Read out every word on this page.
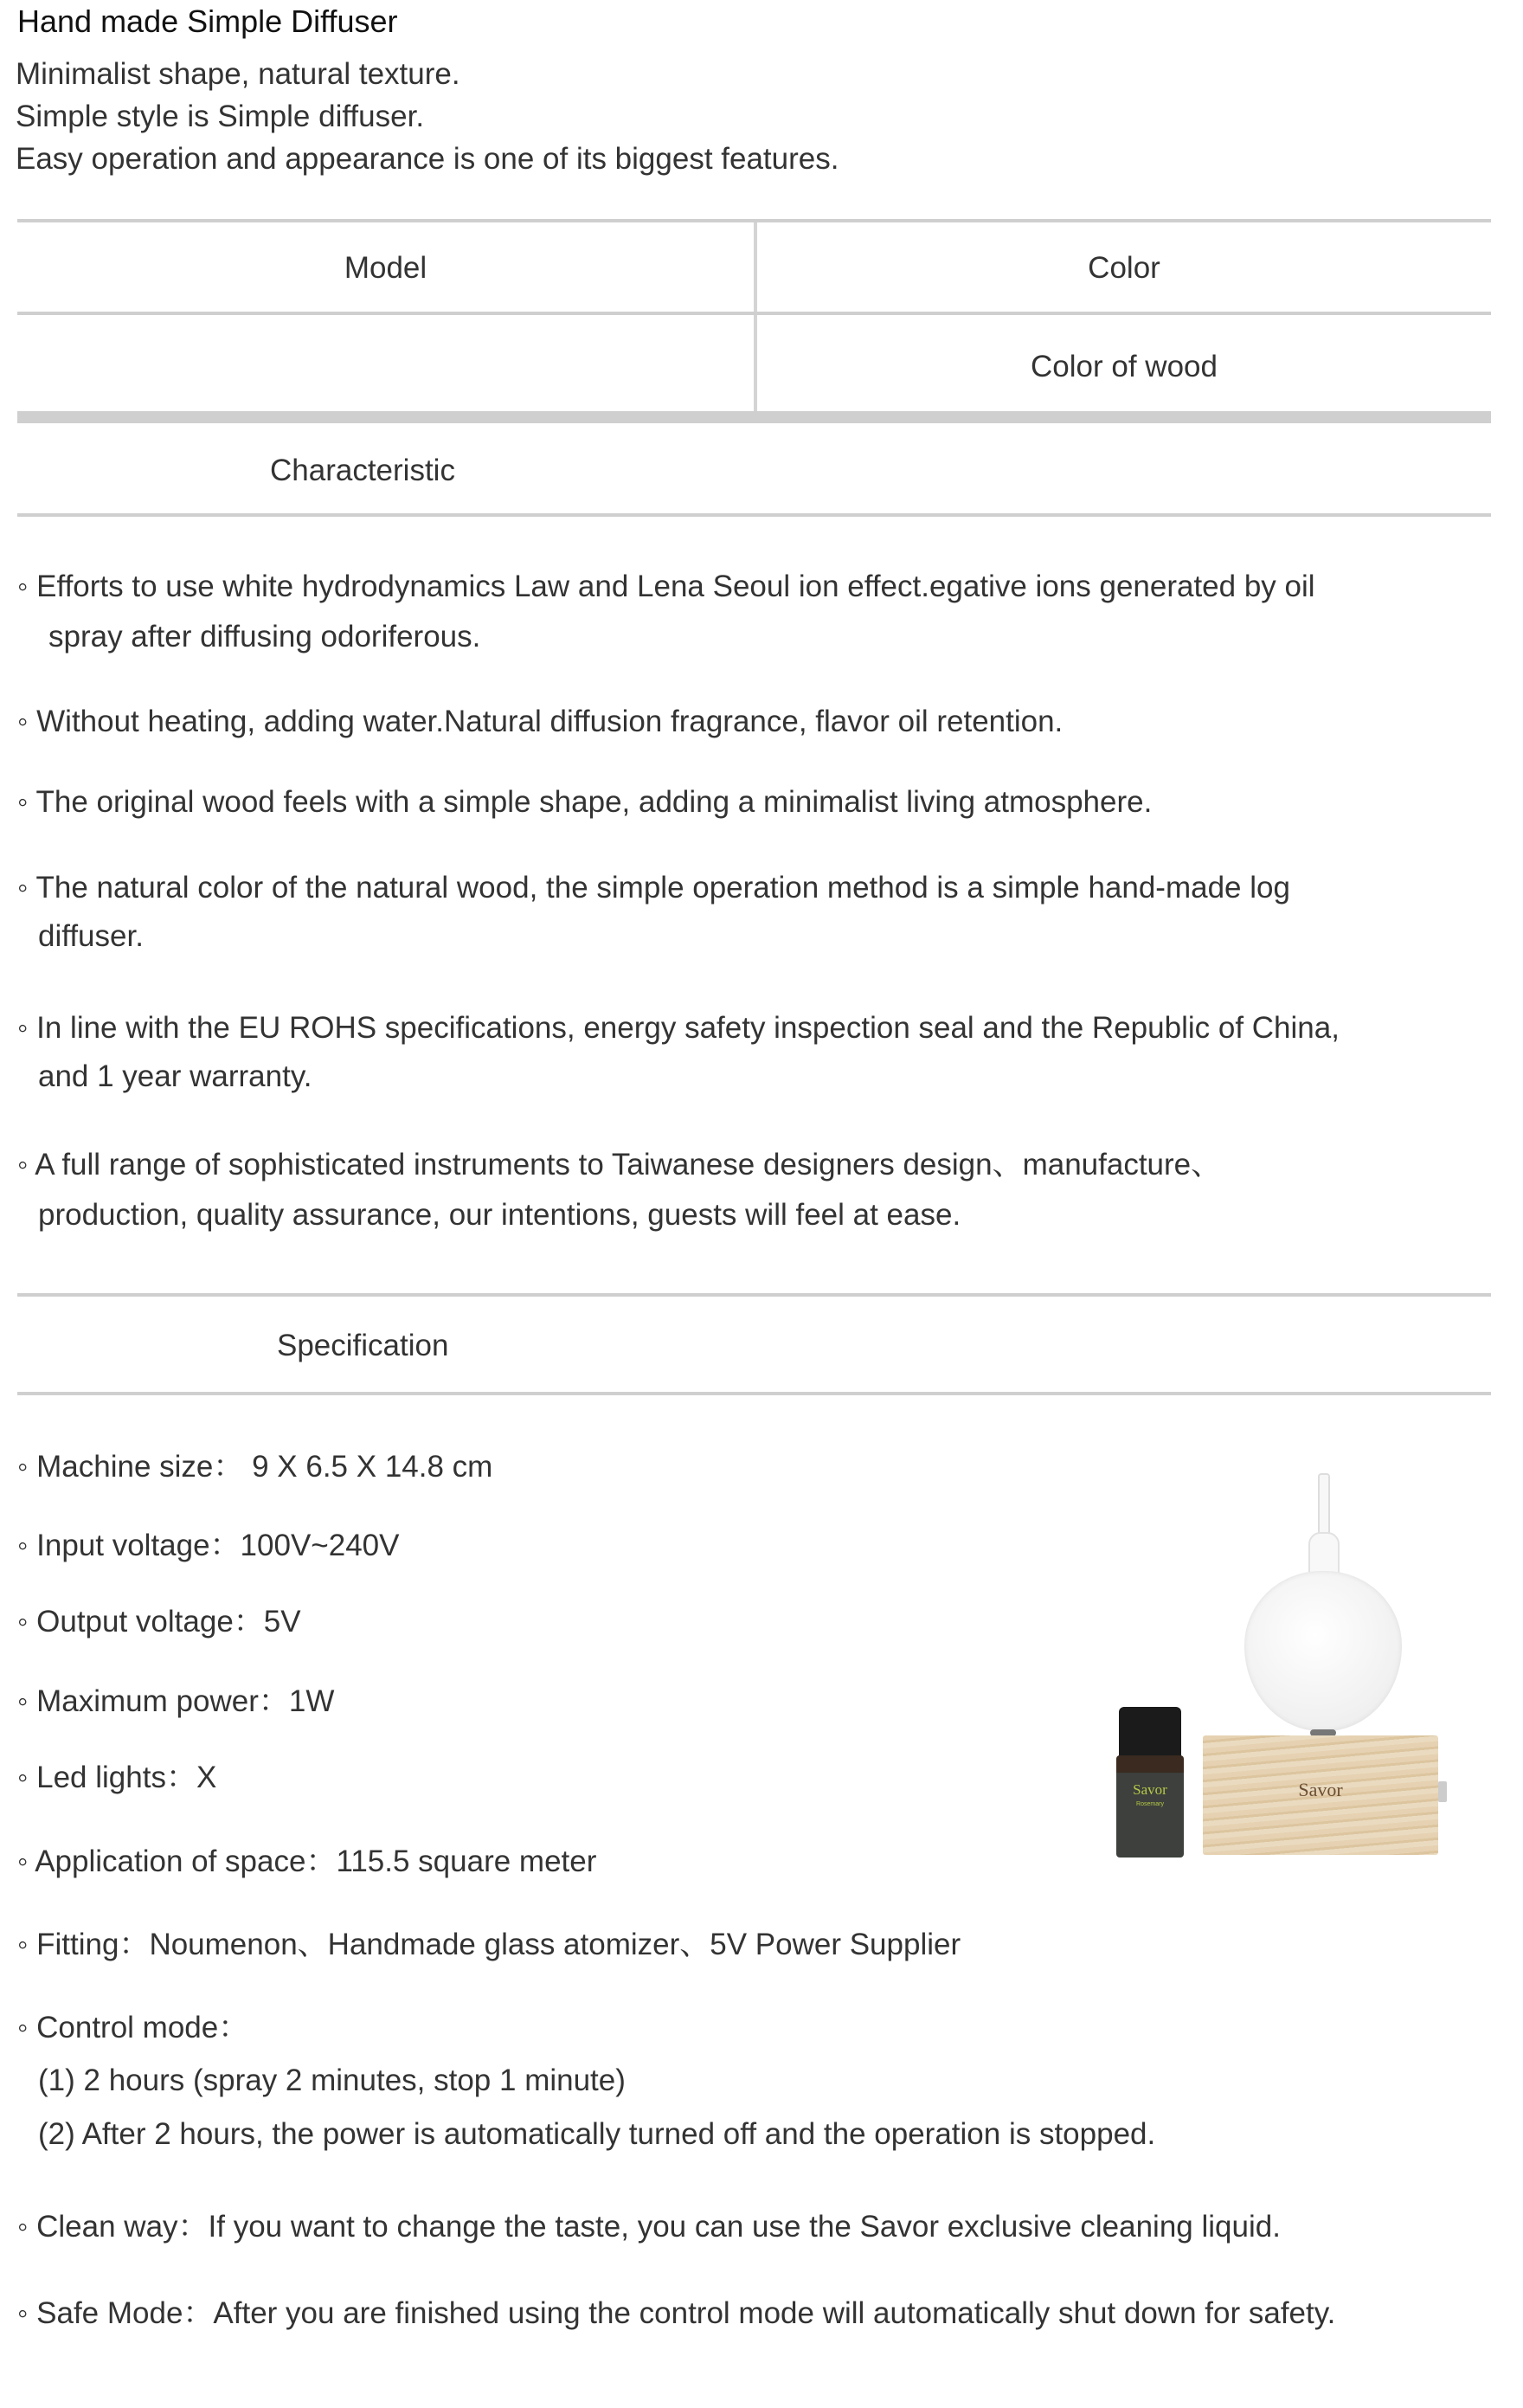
Hand made Simple Diffuser
Minimalist shape, natural texture.
Simple style is Simple diffuser.
Easy operation and appearance is one of its biggest features.
Model	Color
Color of wood
Characteristic
◦ Efforts to use white hydrodynamics Law and Lena Seoul ion effect.egative ions generated by oil
spray after diffusing odoriferous.
◦ Without heating, adding water.Natural diffusion fragrance, flavor oil retention.
◦ The original wood feels with a simple shape, adding a minimalist living atmosphere.
◦ The natural color of the natural wood, the simple operation method is a simple hand-made log
diffuser.
◦ In line with the EU ROHS specifications, energy safety inspection seal and the Republic of China,
and 1 year warranty.
◦ A full range of sophisticated instruments to Taiwanese designers design、manufacture、
production, quality assurance, our intentions, guests will feel at ease.
Specification
◦ Machine size： 9 X 6.5 X 14.8 cm
◦ Input voltage：100V~240V
◦ Output voltage：5V
◦ Maximum power：1W
◦ Led lights：X
◦ Application of space：115.5 square meter
◦ Fitting：Noumenon、Handmade glass atomizer、5V Power Supplier
◦ Control mode：
(1) 2 hours (spray 2 minutes, stop 1 minute)
(2) After 2 hours, the power is automatically turned off and the operation is stopped.
◦ Clean way：If you want to change the taste, you can use the Savor exclusive cleaning liquid.
◦ Safe Mode：After you are finished using the control mode will automatically shut down for safety.
Savor
Savor
Rosemary
